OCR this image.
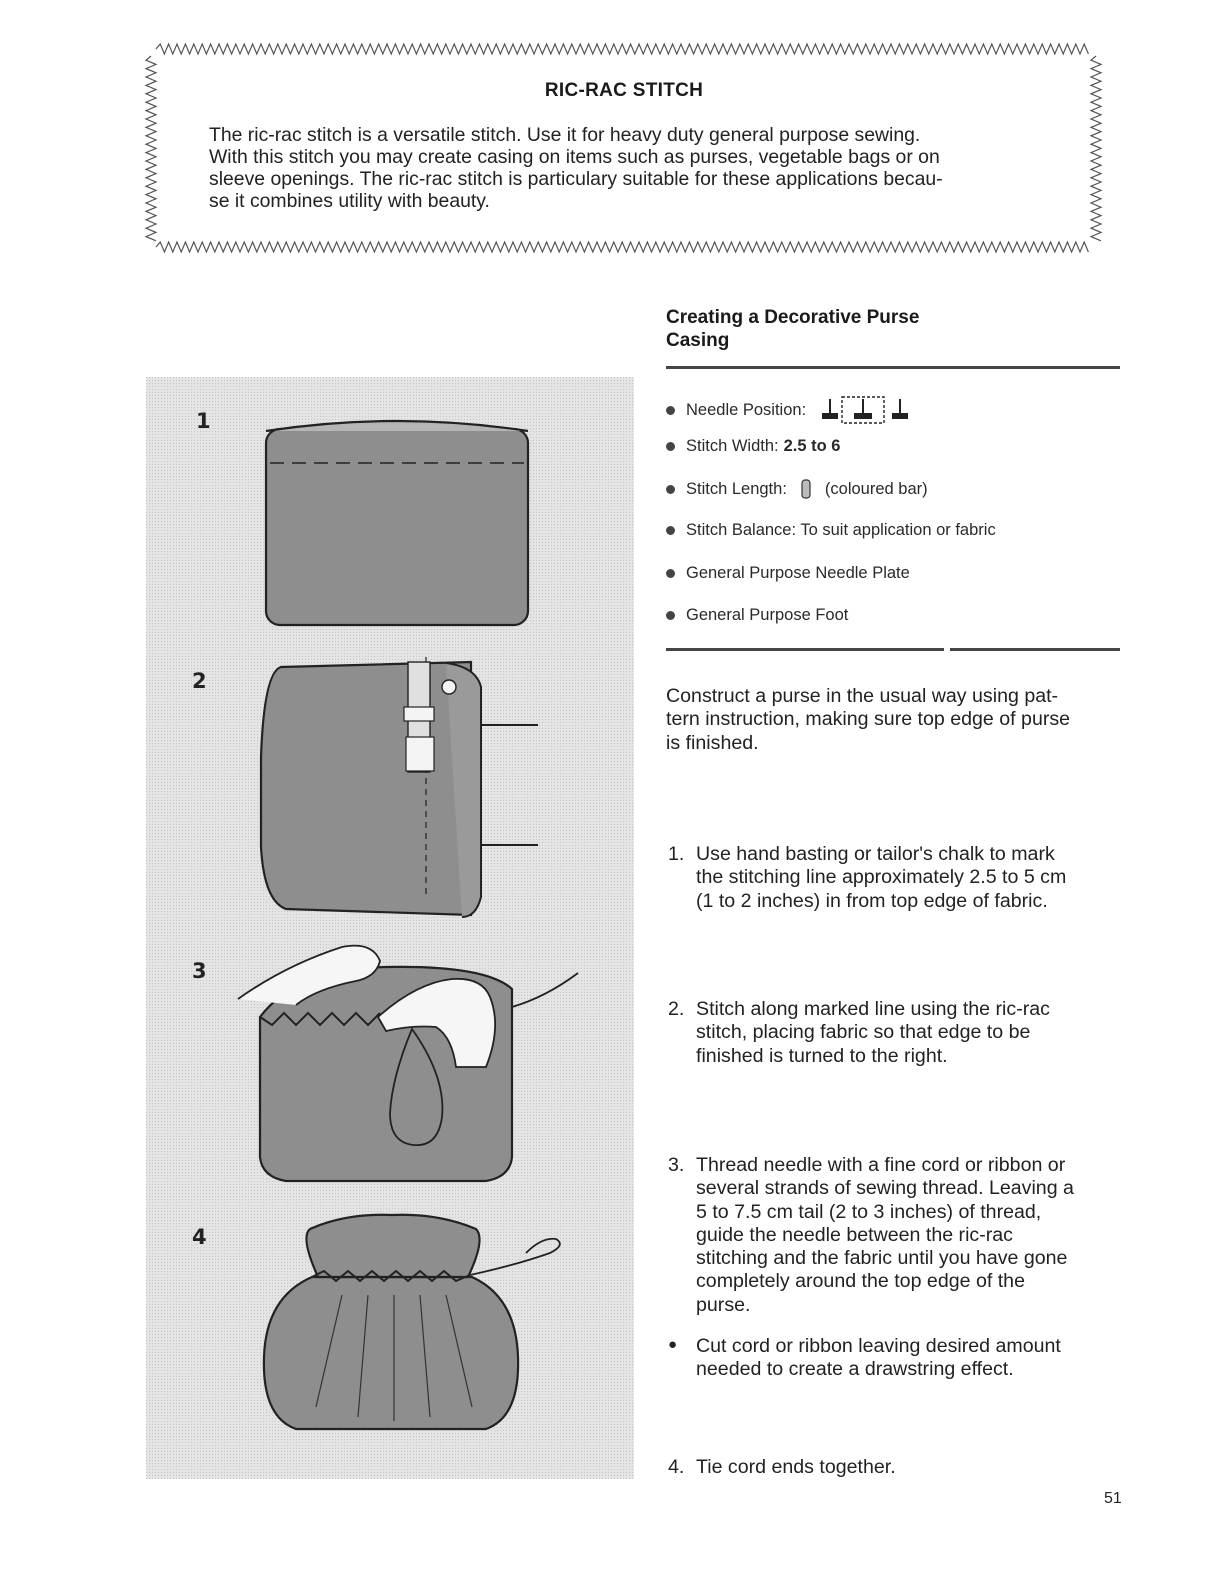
RIC-RAC STITCH
The ric-rac stitch is a versatile stitch. Use it for heavy duty general purpose sewing.
With this stitch you may create casing on items such as purses, vegetable bags or on
sleeve openings. The ric-rac stitch is particulary suitable for these applications becau-
se it combines utility with beauty.
1
2
3
4
Creating a Decorative Purse
Casing
Needle Position:
Stitch Width: 2.5 to 6
Stitch Length: (coloured bar)
Stitch Balance: To suit application or fabric
General Purpose Needle Plate
General Purpose Foot
Construct a purse in the usual way using pat-
tern instruction, making sure top edge of purse
is finished.
1. Use hand basting or tailor's chalk to mark
the stitching line approximately 2.5 to 5 cm
(1 to 2 inches) in from top edge of fabric.
2. Stitch along marked line using the ric-rac
stitch, placing fabric so that edge to be
finished is turned to the right.
3. Thread needle with a fine cord or ribbon or
several strands of sewing thread. Leaving a
5 to 7.5 cm tail (2 to 3 inches) of thread,
guide the needle between the ric-rac
stitching and the fabric until you have gone
completely around the top edge of the
purse.
● Cut cord or ribbon leaving desired amount
needed to create a drawstring effect.
4. Tie cord ends together.
51
